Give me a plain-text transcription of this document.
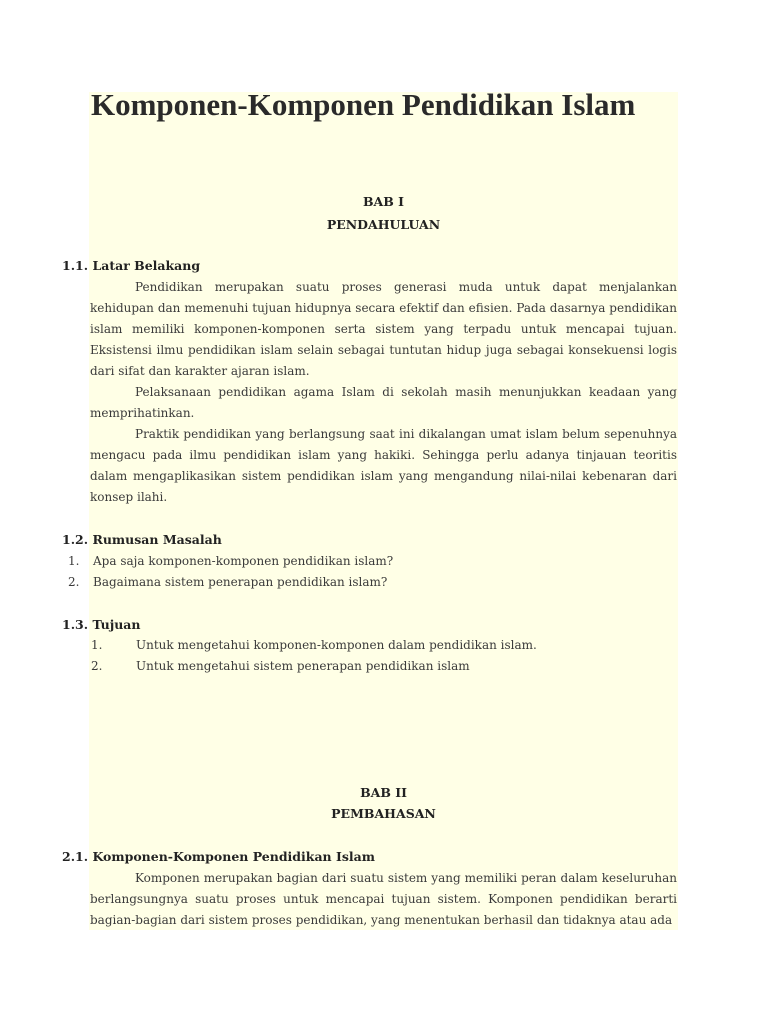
Komponen-Komponen Pendidikan Islam
BAB I
PENDAHULUAN
1.1. Latar Belakang
Pendidikan merupakan suatu proses generasi muda untuk dapat menjalankan kehidupan dan memenuhi tujuan hidupnya secara efektif dan efisien. Pada dasarnya pendidikan islam memiliki komponen-komponen serta sistem yang terpadu untuk mencapai tujuan. Eksistensi ilmu pendidikan islam selain sebagai tuntutan hidup juga sebagai konsekuensi logis dari sifat dan karakter ajaran islam.
Pelaksanaan pendidikan agama Islam di sekolah masih menunjukkan keadaan yang memprihatinkan.
Praktik pendidikan yang berlangsung saat ini dikalangan umat islam belum sepenuhnya mengacu pada ilmu pendidikan islam yang hakiki. Sehingga perlu adanya tinjauan teoritis dalam mengaplikasikan sistem pendidikan islam yang mengandung nilai-nilai kebenaran dari konsep ilahi.
1.2. Rumusan Masalah
1. Apa saja komponen-komponen pendidikan islam?
2. Bagaimana sistem penerapan pendidikan islam?
1.3. Tujuan
1.	Untuk mengetahui komponen-komponen dalam pendidikan islam.
2.	Untuk mengetahui sistem penerapan pendidikan islam
BAB II
PEMBAHASAN
2.1. Komponen-Komponen Pendidikan Islam
Komponen merupakan bagian dari suatu sistem yang memiliki peran dalam keseluruhan berlangsungnya suatu proses untuk mencapai tujuan sistem. Komponen pendidikan berarti bagian-bagian dari sistem proses pendidikan, yang menentukan berhasil dan tidaknya atau ada
